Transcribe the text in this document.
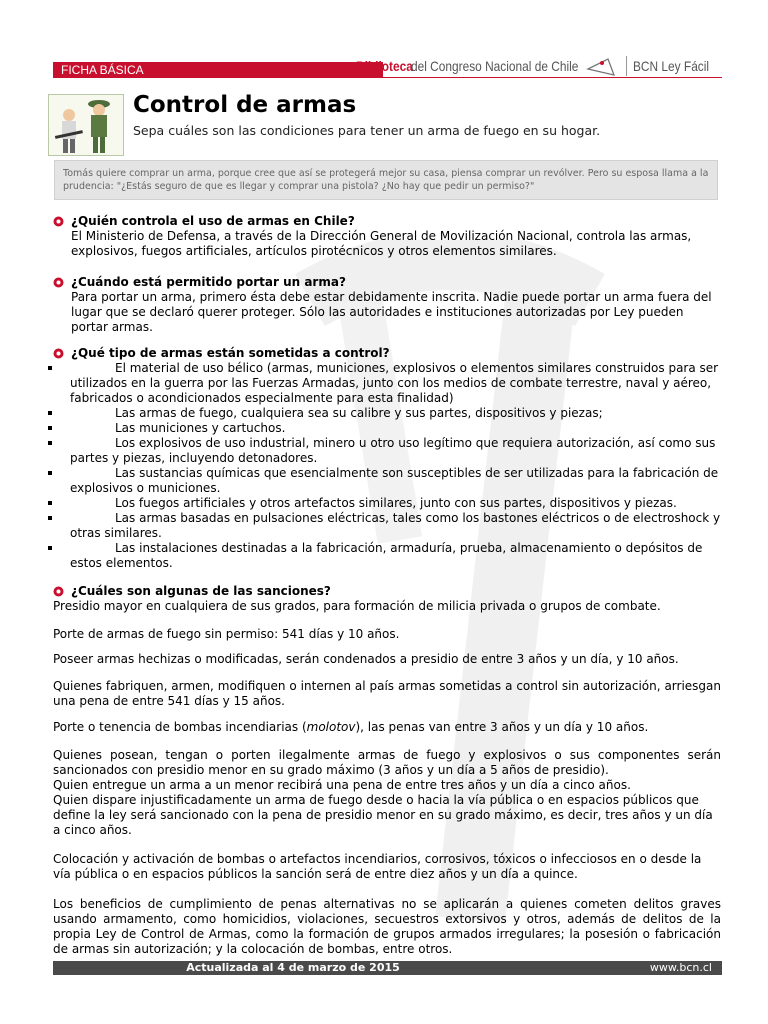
FICHA BÁSICA	Biblioteca
del Congreso Nacional de Chile	BCN Ley Fácil
Control de armas
Sepa cuáles son las condiciones para tener un arma de fuego en su hogar.
Tomás quiere comprar un arma, porque cree que así se protegerá mejor su casa, piensa comprar un revólver. Pero su esposa llama a la prudencia: "¿Estás seguro de que es llegar y comprar una pistola? ¿No hay que pedir un permiso?"
¿Quién controla el uso de armas en Chile?
El Ministerio de Defensa, a través de la Dirección General de Movilización Nacional, controla las armas, explosivos, fuegos artificiales, artículos pirotécnicos y otros elementos similares.
¿Cuándo está permitido portar un arma?
Para portar un arma, primero ésta debe estar debidamente inscrita. Nadie puede portar un arma fuera del lugar que se declaró querer proteger. Sólo las autoridades e instituciones autorizadas por Ley pueden portar armas.
¿Qué tipo de armas están sometidas a control?
El material de uso bélico (armas, municiones, explosivos o elementos similares construidos para ser utilizados en la guerra por las Fuerzas Armadas, junto con los medios de combate terrestre, naval y aéreo, fabricados o acondicionados especialmente para esta finalidad)
Las armas de fuego, cualquiera sea su calibre y sus partes, dispositivos y piezas;
Las municiones y cartuchos.
Los explosivos de uso industrial, minero u otro uso legítimo que requiera autorización, así como sus partes y piezas, incluyendo detonadores.
Las sustancias químicas que esencialmente son susceptibles de ser utilizadas para la fabricación de explosivos o municiones.
Los fuegos artificiales y otros artefactos similares, junto con sus partes, dispositivos y piezas.
Las armas basadas en pulsaciones eléctricas, tales como los bastones eléctricos o de electroshock y otras similares.
Las instalaciones destinadas a la fabricación, armaduría, prueba, almacenamiento o depósitos de estos elementos.
¿Cuáles son algunas de las sanciones?
Presidio mayor en cualquiera de sus grados, para formación de milicia privada o grupos de combate.
Porte de armas de fuego sin permiso: 541 días y 10 años.
Poseer armas hechizas o modificadas, serán condenados a presidio de entre 3 años y un día, y 10 años.
Quienes fabriquen, armen, modifiquen o internen al país armas sometidas a control sin autorización, arriesgan una pena de entre 541 días y 15 años.
Porte o tenencia de bombas incendiarias (molotov), las penas van entre 3 años y un día y 10 años.
Quienes posean, tengan o porten ilegalmente armas de fuego y explosivos o sus componentes serán sancionados con presidio menor en su grado máximo (3 años y un día a 5 años de presidio).
Quien entregue un arma a un menor recibirá una pena de entre tres años y un día a cinco años.
Quien dispare injustificadamente un arma de fuego desde o hacia la vía pública o en espacios públicos que define la ley será sancionado con la pena de presidio menor en su grado máximo, es decir, tres años y un día a cinco años.
Colocación y activación de bombas o artefactos incendiarios, corrosivos, tóxicos o infecciosos en o desde la vía pública o en espacios públicos la sanción será de entre diez años y un día a quince.
Los beneficios de cumplimiento de penas alternativas no se aplicarán a quienes cometen delitos graves usando armamento, como homicidios, violaciones, secuestros extorsivos y otros, además de delitos de la propia Ley de Control de Armas, como la formación de grupos armados irregulares; la posesión o fabricación de armas sin autorización; y la colocación de bombas, entre otros.
Actualizada al 4 de marzo de 2015	www.bcn.cl
